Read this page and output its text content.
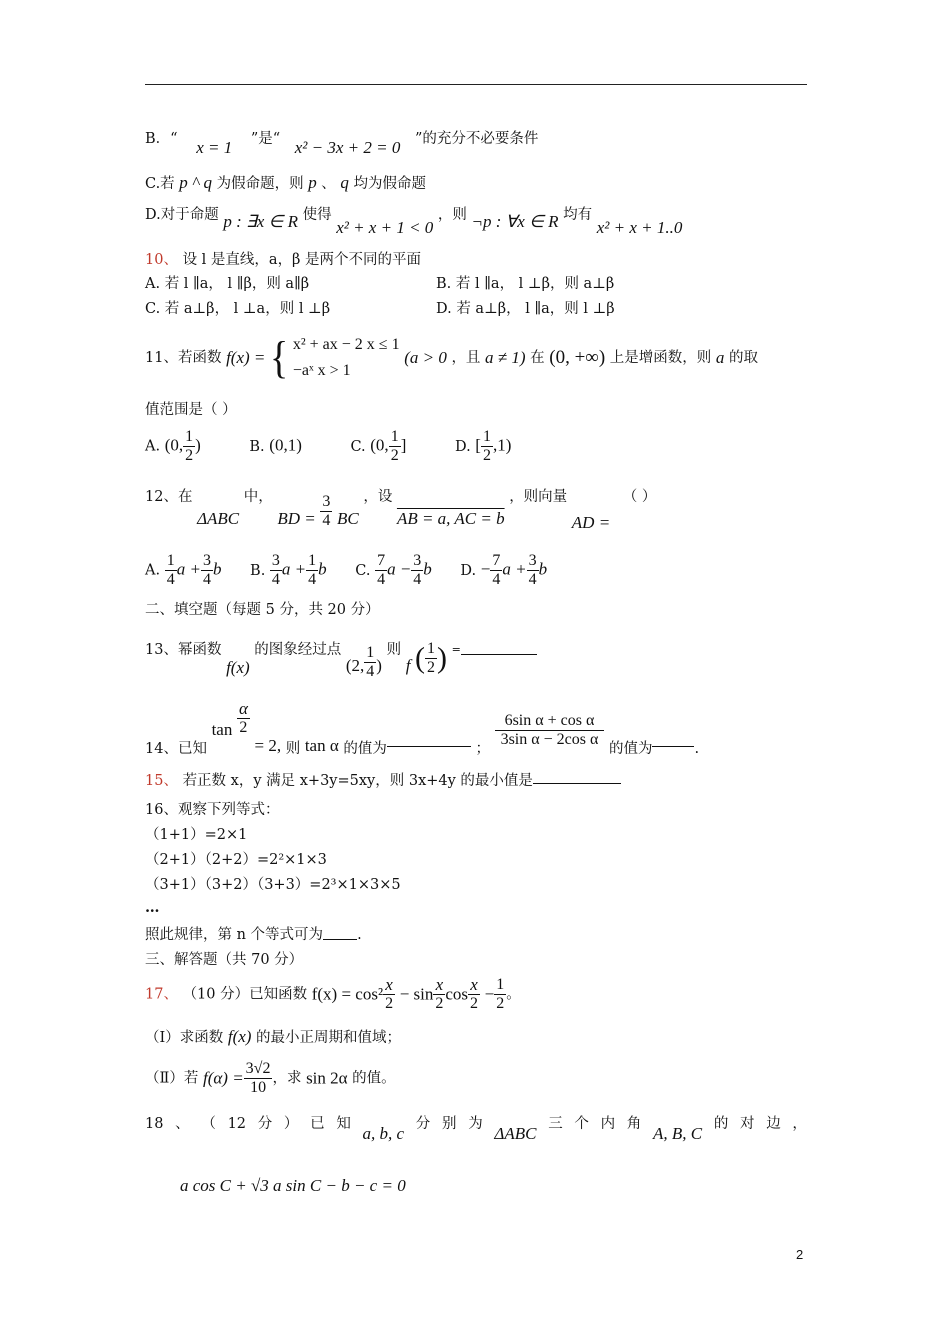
B．“ x = 1 ”是“ x² − 3x + 2 = 0 ”的充分不必要条件
C.若 p ^ q 为假命题，则 p 、 q 均为假命题
D.对于命题 p : ∃x ∈ R 使得 x² + x + 1 < 0 ，则 ¬p : ∀x ∈ R 均有 x² + x + 1..0
10、 设 l 是直线，a，β 是两个不同的平面
A. 若 l ∥a， l ∥β，则 a∥β	B. 若 l ∥a， l ⊥β，则 a⊥β
C. 若 a⊥β， l ⊥a，则 l ⊥β	D. 若 a⊥β， l ∥a，则 l ⊥β
11、若函数 f(x) = { x² + ax − 2 x ≤ 1
−aˣ x > 1
(a > 0 ，且 a ≠ 1) 在 (0, +∞) 上是增函数，则 a 的取
值范围是（ ）
A. (0, $\frac{1}{2}$ )	B. (0,1)	C. (0, $\frac{1}{2}$ ]	D. [ $\frac{1}{2} ,1$)
12、在 ΔABC 中， BD = $\frac{3}{4}$ BC ，设 AB = a, AC = b ，则向量 AD = （ ）
A. $\frac{1}{4}$ $a + \frac{3}{4}$ b B. $\frac{3}{4}$ $a + \frac{1}{4}$ b C. $\frac{7}{4}$ $a - \frac{3}{4}$ b D. − $\frac{7}{4}$ $a + \frac{3}{4}$ b
二、填空题（每题 5 分，共 20 分）
13、幂函数 f(x) 的图象经过点 (2, $\frac{1}{4}$ ) 则 f ( $\frac{1}{2}$ ) =
14、已知 $\tan \frac{\alpha}{2}$
= 2, 则 tan α 的值为	； $\frac{\text{6sin α + cos α}}{\text{3sin α − 2cos α}}$ 的值为	.
15、 若正数 x，y 满足 x+3y=5xy，则 3x+4y 的最小值是
16、观察下列等式：
（1+1）=2×1
（2+1）（2+2）=2²×1×3
（3+1）（3+2）（3+3）=2³×1×3×5
…
照此规律，第 n 个等式可为 .
三、解答题（共 70 分）
17、 （10 分）已知函数 $f(x) = \cos^2 \frac{x}{2} - \sin \frac{x}{2}$ $\cos \frac{x}{2} - \frac{1}{2}$ 。
（Ⅰ）求函数 f(x) 的最小正周期和值域；
（Ⅱ）若 $f(\alpha) = \frac{3√2}{10}$ ，求 sin 2α 的值。
18 、 （ 12 分 ） 已 知 a, b, c 分 别 为 ΔABC 三 个 内 角 A, B, C 的 对 边 ，
a cos C + √3 a sin C − b − c = 0
2
